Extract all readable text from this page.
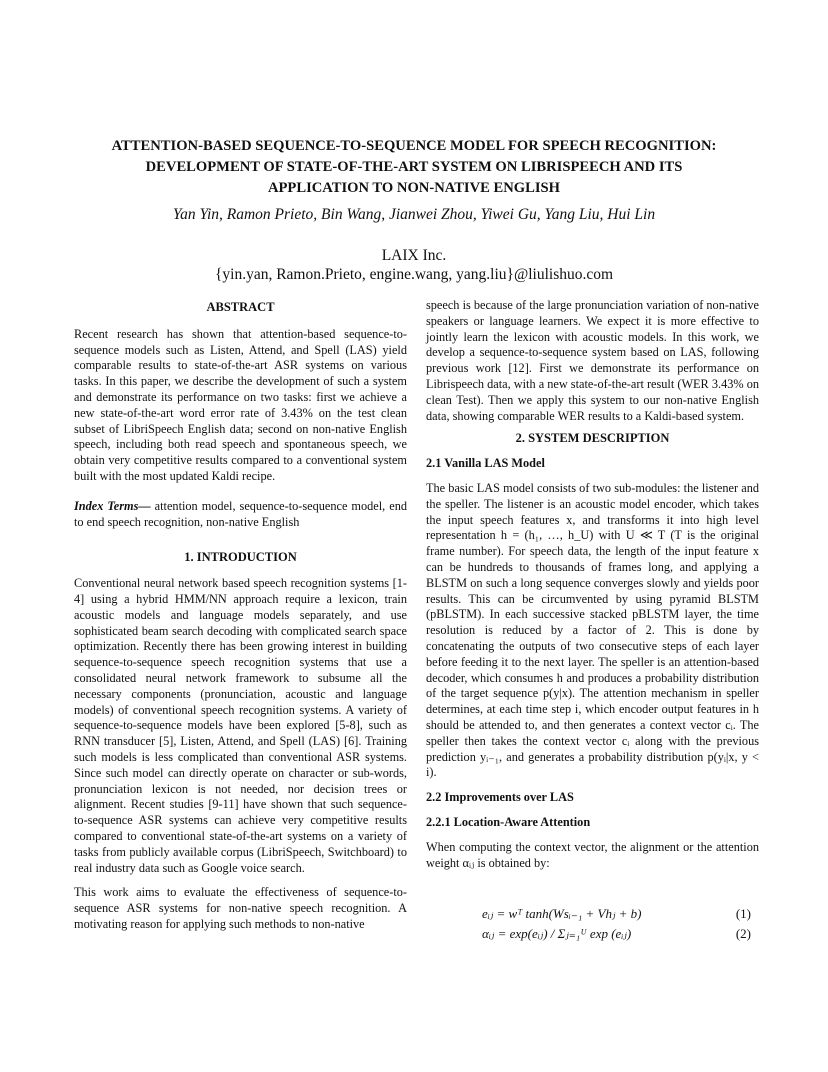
ATTENTION-BASED SEQUENCE-TO-SEQUENCE MODEL FOR SPEECH RECOGNITION:
DEVELOPMENT OF STATE-OF-THE-ART SYSTEM ON LIBRISPEECH AND ITS
APPLICATION TO NON-NATIVE ENGLISH
Yan Yin, Ramon Prieto, Bin Wang, Jianwei Zhou, Yiwei Gu, Yang Liu, Hui Lin
LAIX Inc.
{yin.yan, Ramon.Prieto, engine.wang, yang.liu}@liulishuo.com
ABSTRACT

Recent research has shown that attention-based sequence-to-sequence models such as Listen, Attend, and Spell (LAS) yield comparable results to state-of-the-art ASR systems on various tasks. In this paper, we describe the development of such a system and demonstrate its performance on two tasks: first we achieve a new state-of-the-art word error rate of 3.43% on the test clean subset of LibriSpeech English data; second on non-native English speech, including both read speech and spontaneous speech, we obtain very competitive results compared to a conventional system built with the most updated Kaldi recipe.

Index Terms— attention model, sequence-to-sequence model, end to end speech recognition, non-native English

1. INTRODUCTION

Conventional neural network based speech recognition systems [1-4] using a hybrid HMM/NN approach require a lexicon, train acoustic models and language models separately, and use sophisticated beam search decoding with complicated search space optimization. Recently there has been growing interest in building sequence-to-sequence speech recognition systems that use a consolidated neural network framework to subsume all the necessary components (pronunciation, acoustic and language models) of conventional speech recognition systems. A variety of sequence-to-sequence models have been explored [5-8], such as RNN transducer [5], Listen, Attend, and Spell (LAS) [6]. Training such models is less complicated than conventional ASR systems. Since such model can directly operate on character or sub-words, pronunciation lexicon is not needed, nor decision trees or alignment. Recent studies [9-11] have shown that such sequence-to-sequence ASR systems can achieve very competitive results compared to conventional state-of-the-art systems on a variety of tasks from publicly available corpus (LibriSpeech, Switchboard) to real industry data such as Google voice search.

This work aims to evaluate the effectiveness of sequence-to-sequence ASR systems for non-native speech recognition. A motivating reason for applying such methods to non-native

speech is because of the large pronunciation variation of non-native speakers or language learners. We expect it is more effective to jointly learn the lexicon with acoustic models. In this work, we develop a sequence-to-sequence system based on LAS, following previous work [12]. First we demonstrate its performance on Librispeech data, with a new state-of-the-art result (WER 3.43% on clean Test). Then we apply this system to our non-native English data, showing comparable WER results to a Kaldi-based system.

2. SYSTEM DESCRIPTION
2.1 Vanilla LAS Model

The basic LAS model consists of two sub-modules: the listener and the speller. The listener is an acoustic model encoder, which takes the input speech features x, and transforms it into high level representation h = (h₁, …, h_U) with U ≪ T (T is the original frame number). For speech data, the length of the input feature x can be hundreds to thousands of frames long, and applying a BLSTM on such a long sequence converges slowly and yields poor results. This can be circumvented by using pyramid BLSTM (pBLSTM). In each successive stacked pBLSTM layer, the time resolution is reduced by a factor of 2. This is done by concatenating the outputs of two consecutive steps of each layer before feeding it to the next layer. The speller is an attention-based decoder, which consumes h and produces a probability distribution of the target sequence p(y|x). The attention mechanism in speller determines, at each time step i, which encoder output features in h should be attended to, and then generates a context vector cᵢ. The speller then takes the context vector cᵢ along with the previous prediction yᵢ₋₁, and generates a probability distribution p(yᵢ|x, y < i).

2.2 Improvements over LAS
2.2.1 Location-Aware Attention

When computing the context vector, the alignment or the attention weight αᵢⱼ is obtained by:

eᵢⱼ = wᵀ tanh(Wsᵢ₋₁ + Vhⱼ + b)	(1)
αᵢⱼ = exp(eᵢⱼ) / Σⱼ₌₁ᵁ exp (eᵢⱼ)	(2)
